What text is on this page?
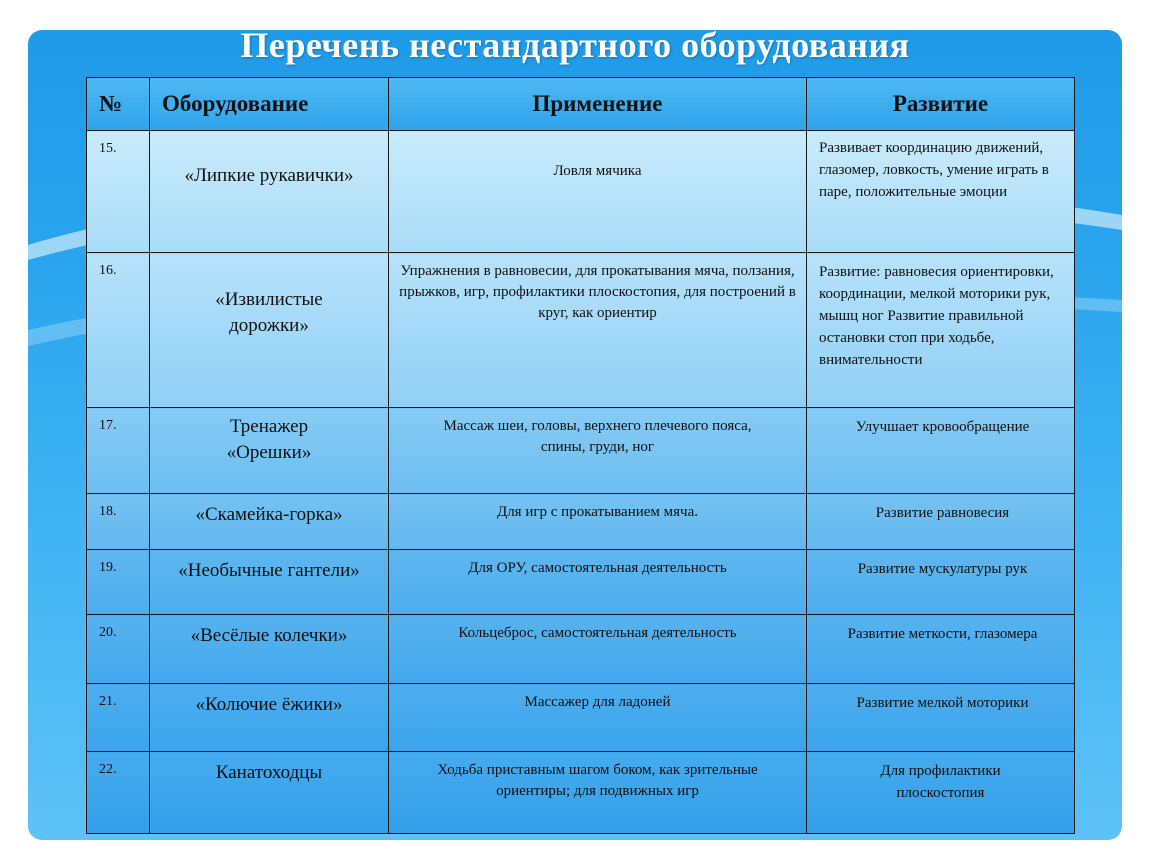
Перечень нестандартного оборудования
№	Оборудование	Применение	Развитие
15.	«Липкие рукавички»	Ловля мячика	Развивает координацию движений, глазомер, ловкость, умение играть в паре, положительные эмоции
16.	«Извилистые дорожки»	Упражнения в равновесии, для прокатывания мяча, ползания, прыжков, игр, профилактики плоскостопия, для построений в круг, как ориентир	Развитие: равновесия ориентировки, координации, мелкой моторики рук, мышц ног Развитие правильной остановки стоп при ходьбе, внимательности
17.	Тренажер «Орешки»	Массаж шеи, головы, верхнего плечевого пояса, спины, груди, ног	Улучшает кровообращение
18.	«Скамейка-горка»	Для игр с прокатыванием мяча.	Развитие равновесия
19.	«Необычные гантели»	Для ОРУ, самостоятельная деятельность	Развитие мускулатуры рук
20.	«Весёлые колечки»	Кольцеброс, самостоятельная деятельность	Развитие меткости, глазомера
21.	«Колючие ёжики»	Массажер для ладоней	Развитие мелкой моторики
22.	Канатоходцы	Ходьба приставным шагом боком, как зрительные ориентиры; для подвижных игр	Для профилактики плоскостопия
